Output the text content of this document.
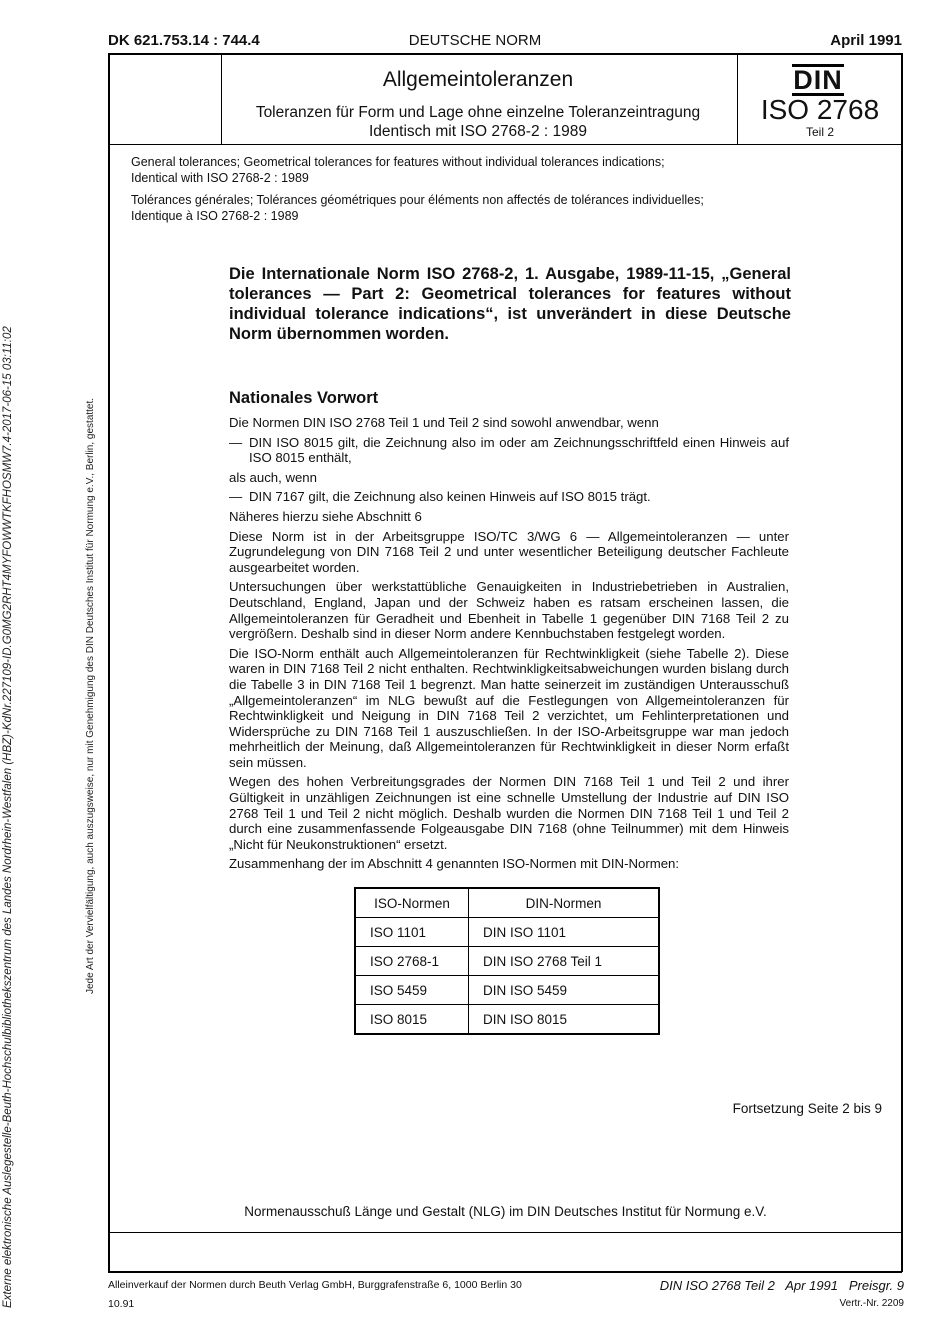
DEUTSCHE NORM
DK 621.753.14 : 744.4	April 1991
Allgemeintoleranzen
Toleranzen für Form und Lage ohne einzelne Toleranzeintragung
Identisch mit ISO 2768-2 : 1989
DIN
ISO 2768
Teil 2
General tolerances; Geometrical tolerances for features without individual tolerances indications;
Identical with ISO 2768-2 : 1989
Tolérances générales; Tolérances géométriques pour éléments non affectés de tolérances individuelles;
Identique à ISO 2768-2 : 1989
Die Internationale Norm ISO 2768-2, 1. Ausgabe, 1989-11-15, „General tolerances — Part 2: Geometrical tolerances for features without individual tolerance indications“, ist unverändert in diese Deutsche Norm übernommen worden.
Nationales Vorwort

Die Normen DIN ISO 2768 Teil 1 und Teil 2 sind sowohl anwendbar, wenn

— DIN ISO 8015 gilt, die Zeichnung also im oder am Zeichnungsschriftfeld einen Hinweis auf ISO 8015 enthält,

als auch, wenn

— DIN 7167 gilt, die Zeichnung also keinen Hinweis auf ISO 8015 trägt.

Näheres hierzu siehe Abschnitt 6

Diese Norm ist in der Arbeitsgruppe ISO/TC 3/WG 6 — Allgemeintoleranzen — unter Zugrundelegung von DIN 7168 Teil 2 und unter wesentlicher Beteiligung deutscher Fachleute ausgearbeitet worden.

Untersuchungen über werkstattübliche Genauigkeiten in Industriebetrieben in Australien, Deutschland, England, Japan und der Schweiz haben es ratsam erscheinen lassen, die Allgemeintoleranzen für Geradheit und Ebenheit in Tabelle 1 gegenüber DIN 7168 Teil 2 zu vergrößern. Deshalb sind in dieser Norm andere Kennbuchstaben festgelegt worden.

Die ISO-Norm enthält auch Allgemeintoleranzen für Rechtwinkligkeit (siehe Tabelle 2). Diese waren in DIN 7168 Teil 2 nicht enthalten. Rechtwinkligkeitsabweichungen wurden bislang durch die Tabelle 3 in DIN 7168 Teil 1 begrenzt. Man hatte seinerzeit im zuständigen Unterausschuß „Allgemeintoleranzen“ im NLG bewußt auf die Festlegungen von Allgemeintoleranzen für Rechtwinkligkeit und Neigung in DIN 7168 Teil 2 verzichtet, um Fehlinterpretationen und Widersprüche zu DIN 7168 Teil 1 auszuschließen. In der ISO-Arbeitsgruppe war man jedoch mehrheitlich der Meinung, daß Allgemeintoleranzen für Rechtwinkligkeit in dieser Norm erfaßt sein müssen.

Wegen des hohen Verbreitungsgrades der Normen DIN 7168 Teil 1 und Teil 2 und ihrer Gültigkeit in unzähligen Zeichnungen ist eine schnelle Umstellung der Industrie auf DIN ISO 2768 Teil 1 und Teil 2 nicht möglich. Deshalb wurden die Normen DIN 7168 Teil 1 und Teil 2 durch eine zusammenfassende Folgeausgabe DIN 7168 (ohne Teilnummer) mit dem Hinweis „Nicht für Neukonstruktionen“ ersetzt.

Zusammenhang der im Abschnitt 4 genannten ISO-Normen mit DIN-Normen:

ISO-Normen	DIN-Normen
ISO 1101	DIN ISO 1101
ISO 2768-1	DIN ISO 2768 Teil 1
ISO 5459	DIN ISO 5459
ISO 8015	DIN ISO 8015
Fortsetzung Seite 2 bis 9
Normenausschuß Länge und Gestalt (NLG) im DIN Deutsches Institut für Normung e.V.
Alleinverkauf der Normen durch Beuth Verlag GmbH, Burggrafenstraße 6, 1000 Berlin 30
10.91
DIN ISO 2768 Teil 2   Apr 1991   Preisgr. 9
Vertr.-Nr. 2209
Externe elektronische Auslegestelle-Beuth-Hochschulbibliothekszentrum des Landes Nordrhein-Westfalen (HBZ)-KdNr.227109-ID.G0MG2RHT4MYFOWWTKFHOSMW7.4-2017-06-15 03:11:02	Jede Art der Vervielfältigung, auch auszugsweise, nur mit Genehmigung des DIN Deutsches Institut für Normung e.V., Berlin, gestattet.
